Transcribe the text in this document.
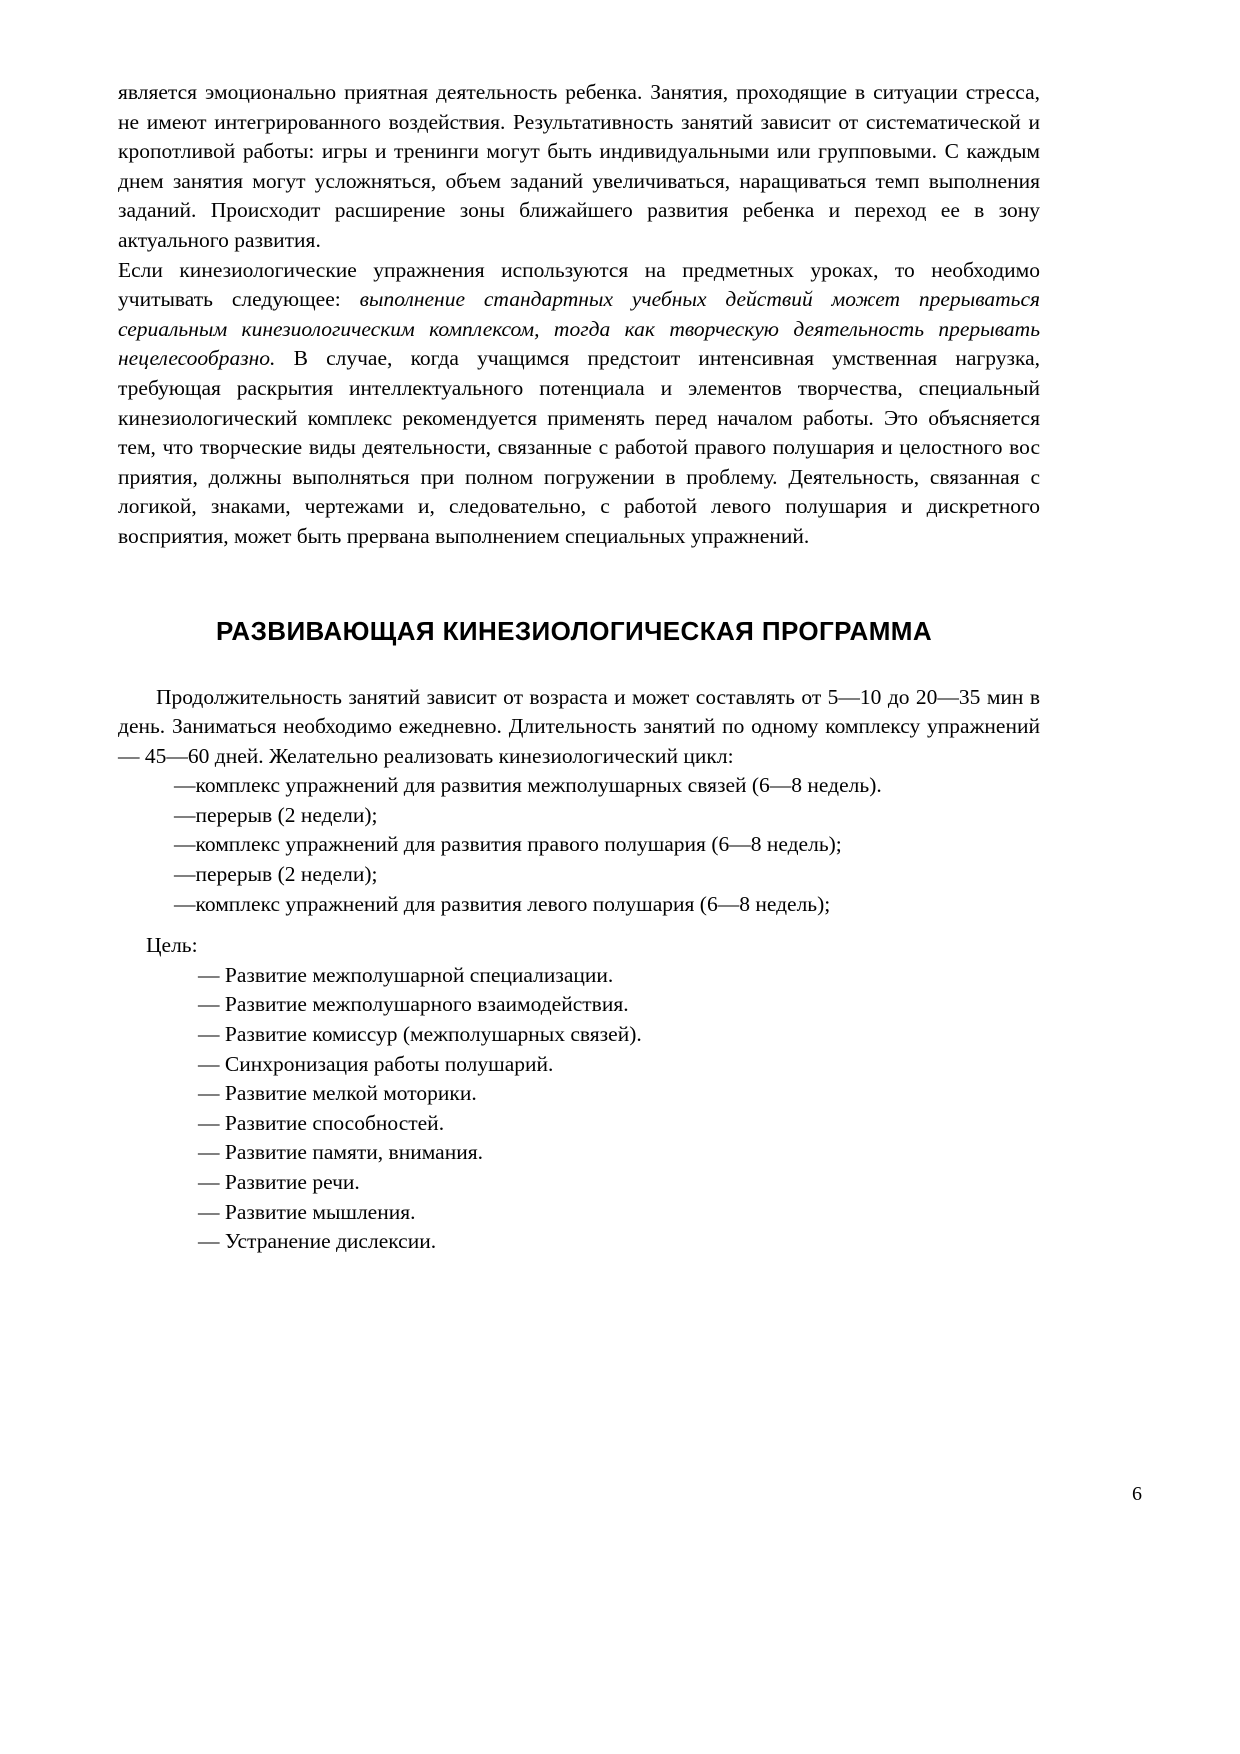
является эмоционально приятная деятельность ребенка. Занятия, проходящие в ситуации стресса, не имеют интегрированного воздействия. Результативность занятий зависит от систематической и кропотливой работы: игры и тренинги могут быть индивидуальными или групповыми. С каждым днем занятия могут усложняться, объем заданий увеличиваться, наращиваться темп выполнения заданий. Происходит расширение зоны ближайшего развития ребенка и переход ее в зону актуального развития.

Если кинезиологические упражнения используются на предметных уроках, то необходимо учитывать следующее: выполнение стандартных учебных действий может прерываться сериальным кинезиологическим комплексом, тогда как творческую деятельность прерывать нецелесообразно. В случае, когда учащимся предстоит интенсивная умственная нагрузка, требующая раскрытия интеллектуального потенциала и элементов творчества, специальный кинезиологический комплекс рекомендуется применять перед началом работы. Это объясняется тем, что творческие виды деятельности, связанные с работой правого полушария и целостного вос приятия, должны выполняться при полном погружении в проблему. Деятельность, связанная с логикой, знаками, чертежами и, следовательно, с работой левого полушария и дискретного восприятия, может быть прервана выполнением специальных упражнений.

РАЗВИВАЮЩАЯ КИНЕЗИОЛОГИЧЕСКАЯ ПРОГРАММА

Продолжительность занятий зависит от возраста и может составлять от 5—10 до 20—35 мин в день. Заниматься необходимо ежедневно. Длительность занятий по одному комплексу упражнений — 45—60 дней. Желательно реализовать кинезиологический цикл:

—комплекс упражнений для развития межполушарных связей (6—8 недель).
—перерыв (2 недели);
—комплекс упражнений для развития правого полушария (6—8 недель);
—перерыв (2 недели);
—комплекс упражнений для развития левого полушария (6—8 недель);
Цель:
— Развитие межполушарной специализации.
— Развитие межполушарного взаимодействия.
— Развитие комиссур (межполушарных связей).
— Синхронизация работы полушарий.
— Развитие мелкой моторики.
— Развитие способностей.
— Развитие памяти, внимания.
— Развитие речи.
— Развитие мышления.
— Устранение дислексии.
6
